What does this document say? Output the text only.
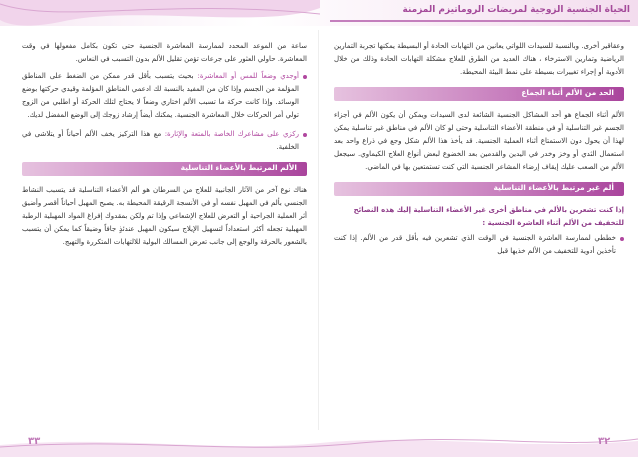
الحياة الجنسية الزوجية لمريضات الروماتيزم المزمنة

وعقاقير أخرى. وبالنسبة للسيدات اللواتي يعانين من التهابات الحادة أو البسيطة يمكنها تجربة التمارين الرياضية وتمارين الاسترخاء ، هناك العديد من الطرق للعلاج مشكلة التهابات الحادة وذلك من خلال الأدوية أو إجراء تغييرات بسيطة على نمط البيئة المحيطة.

الحد من الألم أثناء الجماع

الألم أثناء الجماع هو أحد المشاكل الجنسية الشائعة لدى السيدات ويمكن أن يكون الألم في أجزاء الجسم غير التناسلية أو في منطقة الأعضاء التناسلية وحتى لو كان الألم في مناطق غير تناسلية يمكن لهذا أن يحول دون الاستمتاع أثناء العملية الجنسية. قد يأخذ هذا الألم شكل وجع في ذراع واحد بعد استعمال الثدي أو وخز وخدر في اليدين والقدمين بعد الخضوع لبعض أنواع العلاج الكيماوي. سيجعل الألم من الصعب عليك إيقاف إرضاء المشاعر الجنسية التي كنت تستمتعين بها في الماضي.

ألم غير مرتبط بالأعضاء التناسلية
إذا كنت تشعرين بالألم في مناطق أخرى غير الأعضاء التناسلية إليك هذه النصائح للتخفيف من الألم أثناء العاشرة الجنسية :
خططي لممارسة العاشرة الجنسية في الوقت الذي تشعرين فيه بأقل قدر من الألم. إذا كنت تأخذين أدوية للتخفيف من الألم خذيها قبل

ساعة من الموعد المحدد لممارسة المعاشرة الجنسية حتى تكون بكامل مفعولها في وقت المعاشرة. حاولي العثور على جرعات تؤمن تقليل الألم بدون التسبب في النعاس.

أوجدي وضعاً للمس أو المعاشرة: بحيث يتسبب بأقل قدر ممكن من الضغط على المناطق المؤلمة من الجسم وإذا كان من المفيد بالنسبة لك ادعمي المناطق المؤلمة وقيدي حركتها بوضع الوسائد. وإذا كانت حركة ما تسبب الألم اختاري وضعاً لا يحتاج لتلك الحركة أو اطلبي من الزوج تولي أمر الحركات خلال المعاشرة الجنسية. يمكنك أيضاً إرشاد زوجك إلى الوضع المفضل لديك.
ركزي على مشاعرك الخاصة بالمتعة والإثارة: مع هذا التركيز يخف الألم أحياناً أو يتلاشى في الخلفية.
الألم المرتبط بالأعضاء التناسلية

هناك نوع آخر من الآثار الجانبية للعلاج من السرطان هو ألم الأعضاء التناسلية قد يتسبب النشاط الجنسي بألم في المهبل نفسه أو في الأنسجة الرقيقة المحيطة به. يصبح المهبل أحياناً أقصر وأضيق أثر العملية الجراحية أو التعرض للعلاج الإشعاعي وإذا تم ولكن بمقدوك إفراغ المواد المهبلية الرطبة المهبلية تجعله أكثر استعداداً لتسهيل الإيلاج سيكون المهبل عندئذٍ جافاً وضيقاً كما يمكن أن يتسبب بالشعور بالحرقة والوجع إلى جانب تعرض المسالك البولية للالتهابات المتكررة والتهيج.

٣٣	٣٢
